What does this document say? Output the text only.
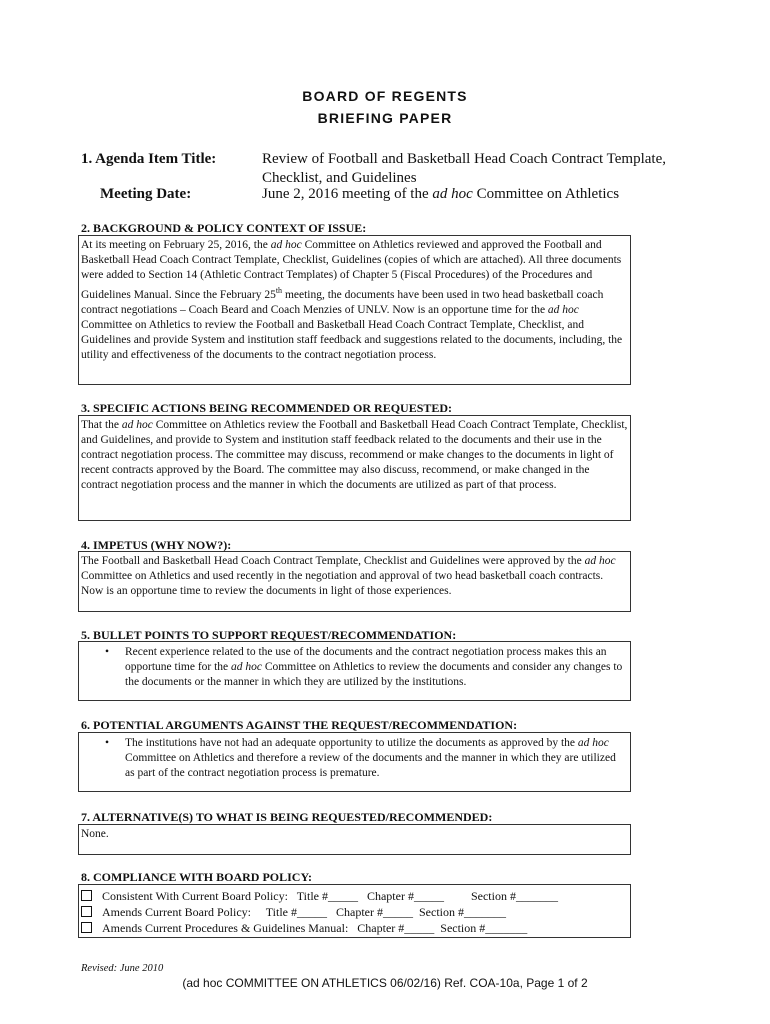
BOARD OF REGENTS
BRIEFING PAPER
1. Agenda Item Title:	Review of Football and Basketball Head Coach Contract Template,
Checklist, and Guidelines
Meeting Date:	June 2, 2016 meeting of the ad hoc Committee on Athletics
2. BACKGROUND & POLICY CONTEXT OF ISSUE:

At its meeting on February 25, 2016, the ad hoc Committee on Athletics reviewed and approved the Football and Basketball Head Coach Contract Template, Checklist, Guidelines (copies of which are attached). All three documents were added to Section 14 (Athletic Contract Templates) of Chapter 5 (Fiscal Procedures) of the Procedures and Guidelines Manual. Since the February 25th meeting, the documents have been used in two head basketball coach contract negotiations – Coach Beard and Coach Menzies of UNLV. Now is an opportune time for the ad hoc Committee on Athletics to review the Football and Basketball Head Coach Contract Template, Checklist, and Guidelines and provide System and institution staff feedback and suggestions related to the documents, including, the utility and effectiveness of the documents to the contract negotiation process.

3. SPECIFIC ACTIONS BEING RECOMMENDED OR REQUESTED:

That the ad hoc Committee on Athletics review the Football and Basketball Head Coach Contract Template, Checklist, and Guidelines, and provide to System and institution staff feedback related to the documents and their use in the contract negotiation process. The committee may discuss, recommend or make changes to the documents in light of recent contracts approved by the Board. The committee may also discuss, recommend, or make changed in the contract negotiation process and the manner in which the documents are utilized as part of that process.

4. IMPETUS (WHY NOW?):

The Football and Basketball Head Coach Contract Template, Checklist and Guidelines were approved by the ad hoc Committee on Athletics and used recently in the negotiation and approval of two head basketball coach contracts. Now is an opportune time to review the documents in light of those experiences.

5. BULLET POINTS TO SUPPORT REQUEST/RECOMMENDATION:
• Recent experience related to the use of the documents and the contract negotiation process makes this an opportune time for the ad hoc Committee on Athletics to review the documents and consider any changes to the documents or the manner in which they are utilized by the institutions.
6. POTENTIAL ARGUMENTS AGAINST THE REQUEST/RECOMMENDATION:
• The institutions have not had an adequate opportunity to utilize the documents as approved by the ad hoc Committee on Athletics and therefore a review of the documents and the manner in which they are utilized as part of the contract negotiation process is premature.
7. ALTERNATIVE(S) TO WHAT IS BEING REQUESTED/RECOMMENDED:

None.

8. COMPLIANCE WITH BOARD POLICY:
Consistent With Current Board Policy:   Title #_____   Chapter #_____         Section #_______
Amends Current Board Policy:     Title #_____   Chapter #_____  Section #_______
Amends Current Procedures & Guidelines Manual:   Chapter #_____  Section #_______
Revised: June 2010
(ad hoc COMMITTEE ON ATHLETICS 06/02/16) Ref. COA-10a, Page 1 of 2
